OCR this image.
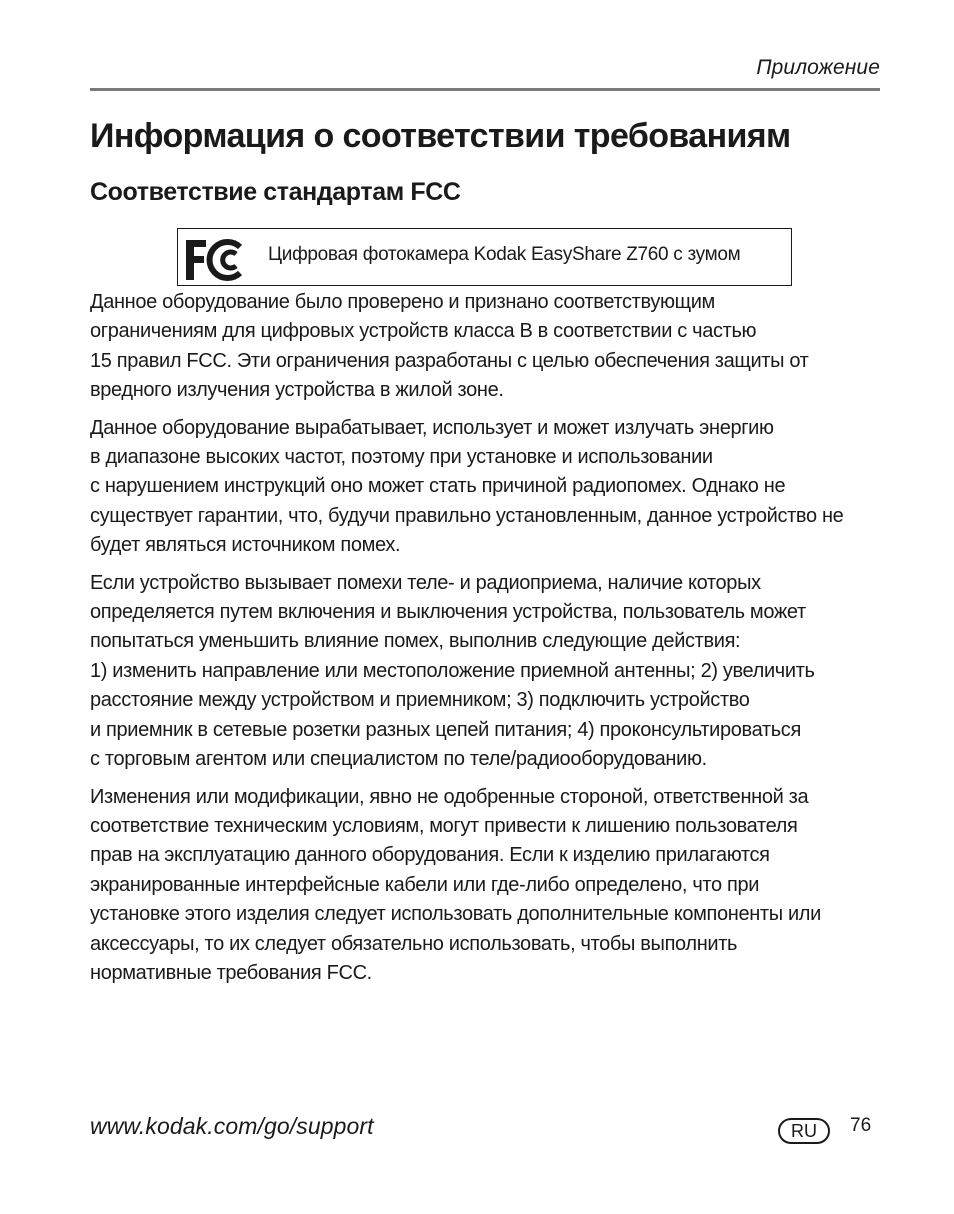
Приложение
Информация о соответствии требованиям
Соответствие стандартам FCC
FC
Цифровая фотокамера Kodak EasyShare Z760 с зумом

Данное оборудование было проверено и признано соответствующим
ограничениям для цифровых устройств класса В в соответствии с частью
15 правил FCC. Эти ограничения разработаны с целью обеспечения защиты от
вредного излучения устройства в жилой зоне.

Данное оборудование вырабатывает, использует и может излучать энергию
в диапазоне высоких частот, поэтому при установке и использовании
с нарушением инструкций оно может стать причиной радиопомех. Однако не
существует гарантии, что, будучи правильно установленным, данное устройство не
будет являться источником помех.

Если устройство вызывает помехи теле- и радиоприема, наличие которых
определяется путем включения и выключения устройства, пользователь может
попытаться уменьшить влияние помех, выполнив следующие действия:
1) изменить направление или местоположение приемной антенны; 2) увеличить
расстояние между устройством и приемником; 3) подключить устройство
и приемник в сетевые розетки разных цепей питания; 4) проконсультироваться
с торговым агентом или специалистом по теле/радиооборудованию.

Изменения или модификации, явно не одобренные стороной, ответственной за
соответствие техническим условиям, могут привести к лишению пользователя
прав на эксплуатацию данного оборудования. Если к изделию прилагаются
экранированные интерфейсные кабели или где-либо определено, что при
установке этого изделия следует использовать дополнительные компоненты или
аксессуары, то их следует обязательно использовать, чтобы выполнить
нормативные требования FCC.

www.kodak.com/go/support	RU	76
